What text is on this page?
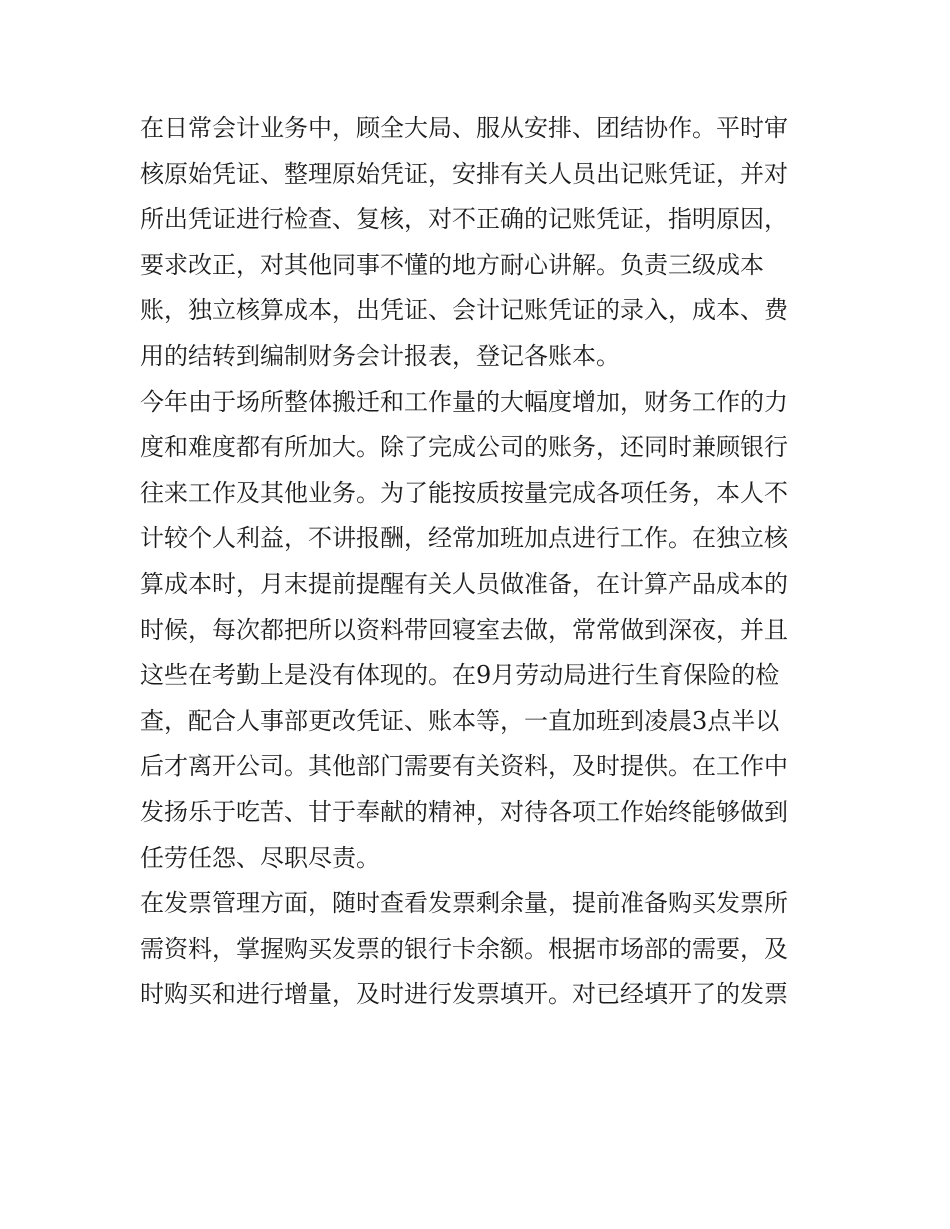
在日常会计业务中，顾全大局、服从安排、团结协作。平时审
核原始凭证、整理原始凭证，安排有关人员出记账凭证，并对
所出凭证进行检查、复核，对不正确的记账凭证，指明原因，
要求改正，对其他同事不懂的地方耐心讲解。负责三级成本
账，独立核算成本，出凭证、会计记账凭证的录入，成本、费
用的结转到编制财务会计报表，登记各账本。
今年由于场所整体搬迁和工作量的大幅度增加，财务工作的力
度和难度都有所加大。除了完成公司的账务，还同时兼顾银行
往来工作及其他业务。为了能按质按量完成各项任务，本人不
计较个人利益，不讲报酬，经常加班加点进行工作。在独立核
算成本时，月末提前提醒有关人员做准备，在计算产品成本的
时候，每次都把所以资料带回寝室去做，常常做到深夜，并且
这些在考勤上是没有体现的。在9月劳动局进行生育保险的检
查，配合人事部更改凭证、账本等，一直加班到凌晨3点半以
后才离开公司。其他部门需要有关资料，及时提供。在工作中
发扬乐于吃苦、甘于奉献的精神，对待各项工作始终能够做到
任劳任怨、尽职尽责。
在发票管理方面，随时查看发票剩余量，提前准备购买发票所
需资料，掌握购买发票的银行卡余额。根据市场部的需要，及
时购买和进行增量，及时进行发票填开。对已经填开了的发票
